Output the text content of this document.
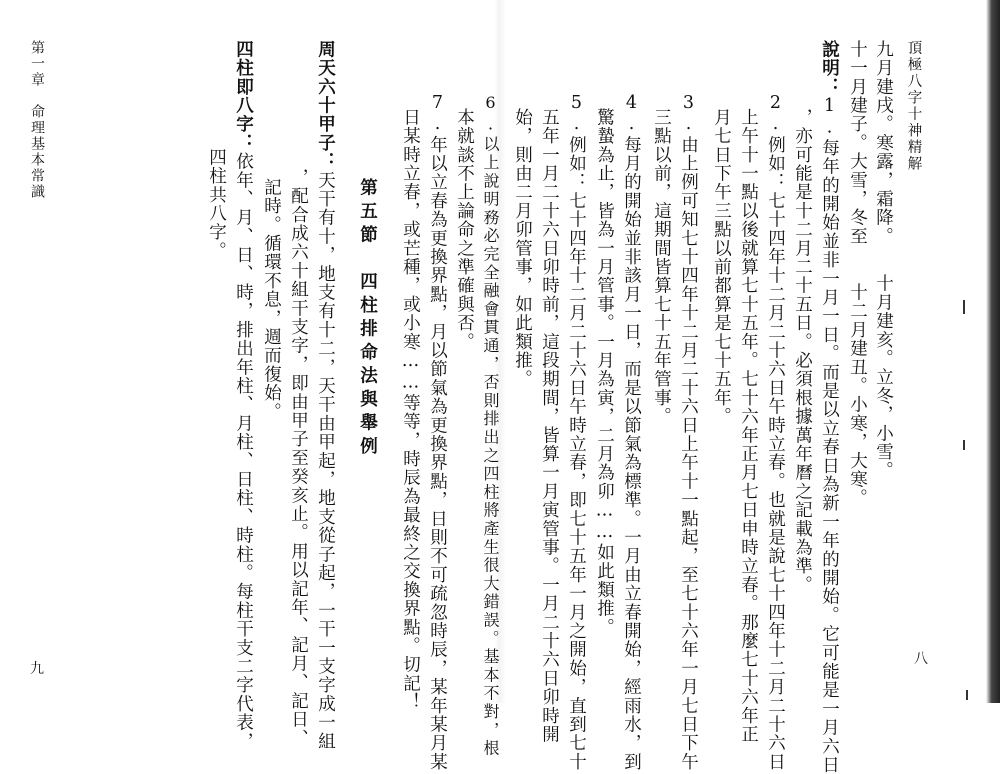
頂極八字十神精解
九月建戌。寒露，霜降。　　十月建亥。立冬，小雪。
十一月建子。大雪，冬至　　十二月建丑。小寒，大寒。
說明：1.每年的開始並非一月一日。而是以立春日為新一年的開始。它可能是一月六日
，亦可能是十二月二十五日。必須根據萬年曆之記載為準。
2.例如：七十四年十二月二十六日午時立春。也就是說七十四年十二月二十六日
上午十一點以後就算七十五年。七十六年正月七日申時立春。那麼七十六年正
月七日下午三點以前都算是七十五年。
3.由上例可知七十四年十二月二十六日上午十一點起，至七十六年一月七日下午
三點以前，這期間皆算七十五年管事。
4.每月的開始並非該月一日，而是以節氣為標準。一月由立春開始，經雨水，到
驚蟄為止，皆為一月管事。一月為寅，二月為卯……如此類推。
5.例如：七十四年十二月二十六日午時立春，即七十五年一月之開始，直到七十
五年一月二十六日卯時前，這段期間，皆算一月寅管事。一月二十六日卯時開
始，則由二月卯管事，如此類推。
6.以上說明務必完全融會貫通，否則排出之四柱將產生很大錯誤。基本不對，根
本就談不上論命之準確與否。
7.年以立春為更換界點，月以節氣為更換界點，日則不可疏忽時辰，某年某月某
日某時立春，或芒種，或小寒……等等，時辰為最終之交換界點。切記！
第五節　四柱排命法與舉例
周天六十甲子：天干有十，地支有十二，天干由甲起，地支從子起，一干一支字成一組
，配合成六十組干支字，即由甲子至癸亥止。用以記年、記月、記日、
記時。循環不息，週而復始。
四柱即八字：依年、月、日、時，排出年柱、月柱、日柱、時柱。每柱干支二字代表，
四柱共八字。
第一章　命理基本常識
八
九
